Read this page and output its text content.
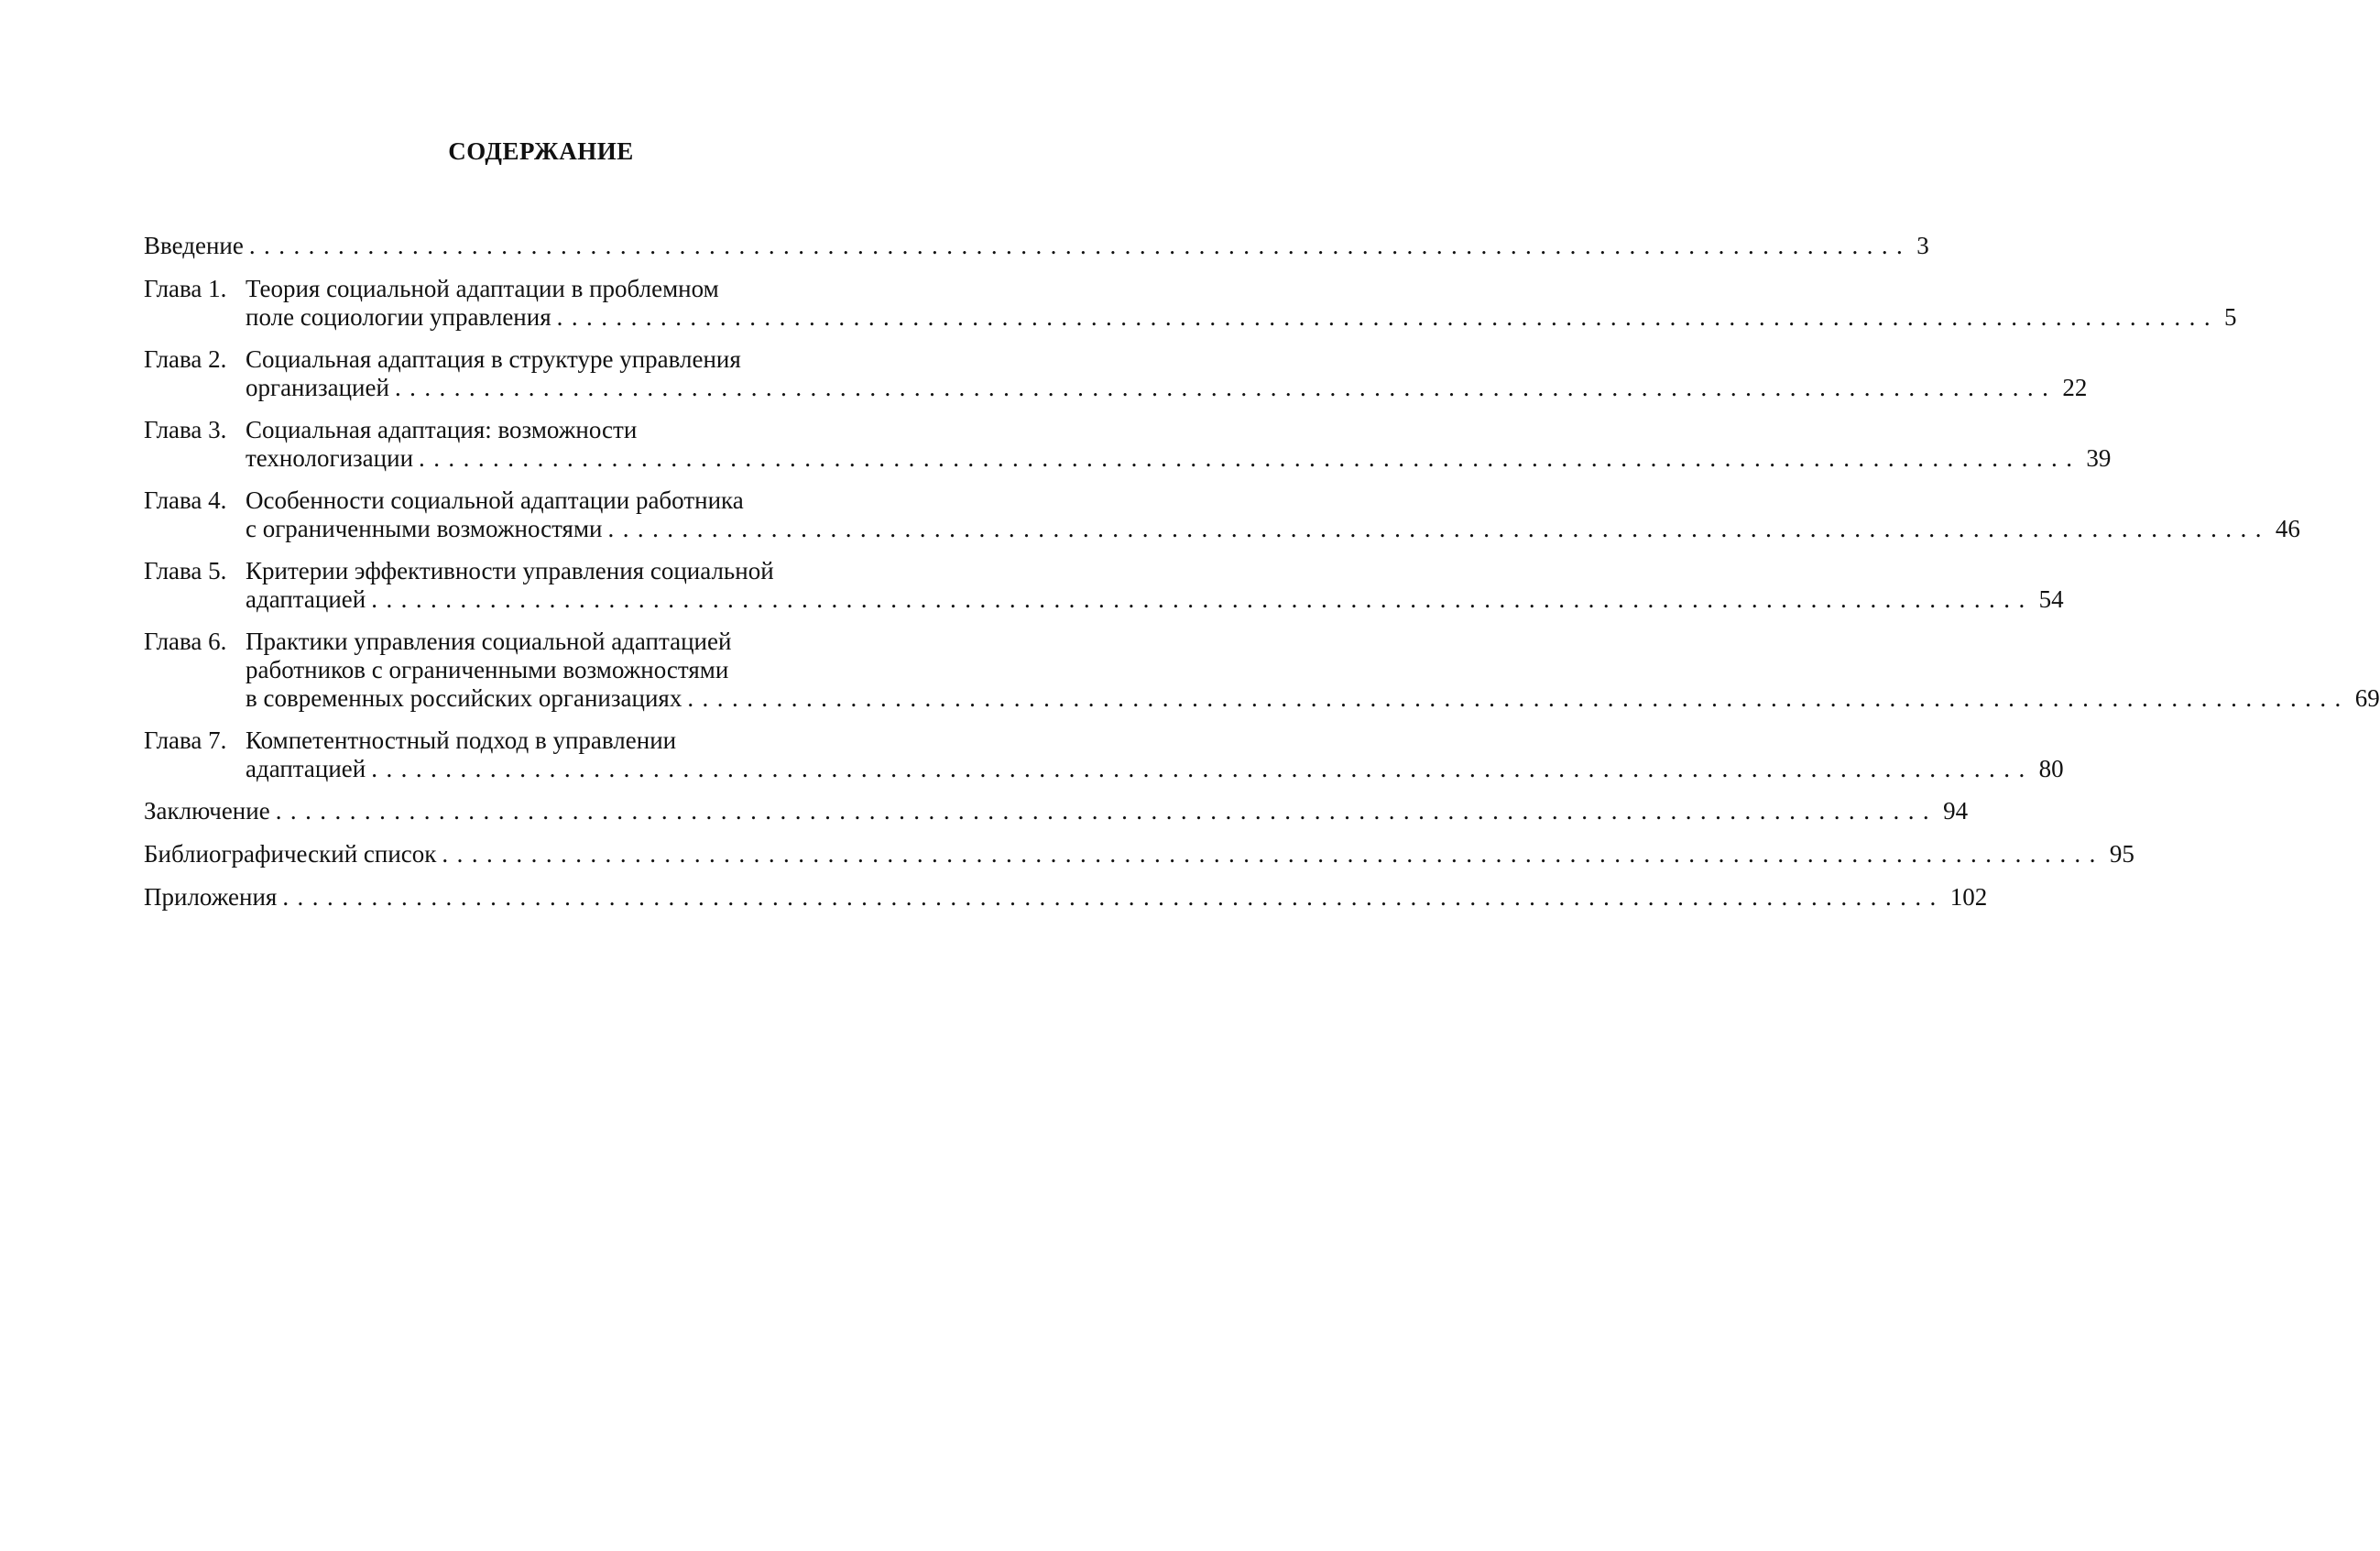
СОДЕРЖАНИЕ
Введение ................................................................................................................ 3
Глава 1. Теория социальной адаптации в проблемном
поле социологии управления ................................................................................................................ 5
Глава 2. Социальная адаптация в структуре управления
организацией ................................................................................................................ 22
Глава 3. Социальная адаптация: возможности
технологизации ................................................................................................................ 39
Глава 4. Особенности социальной адаптации работника
с ограниченными возможностями ................................................................................................................ 46
Глава 5. Критерии эффективности управления социальной
адаптацией ................................................................................................................ 54
Глава 6. Практики управления социальной адаптацией
работников с ограниченными возможностями
в современных российских организациях ................................................................................................................ 69
Глава 7. Компетентностный подход в управлении
адаптацией ................................................................................................................ 80
Заключение ................................................................................................................ 94
Библиографический список ................................................................................................................ 95
Приложения ................................................................................................................ 102
